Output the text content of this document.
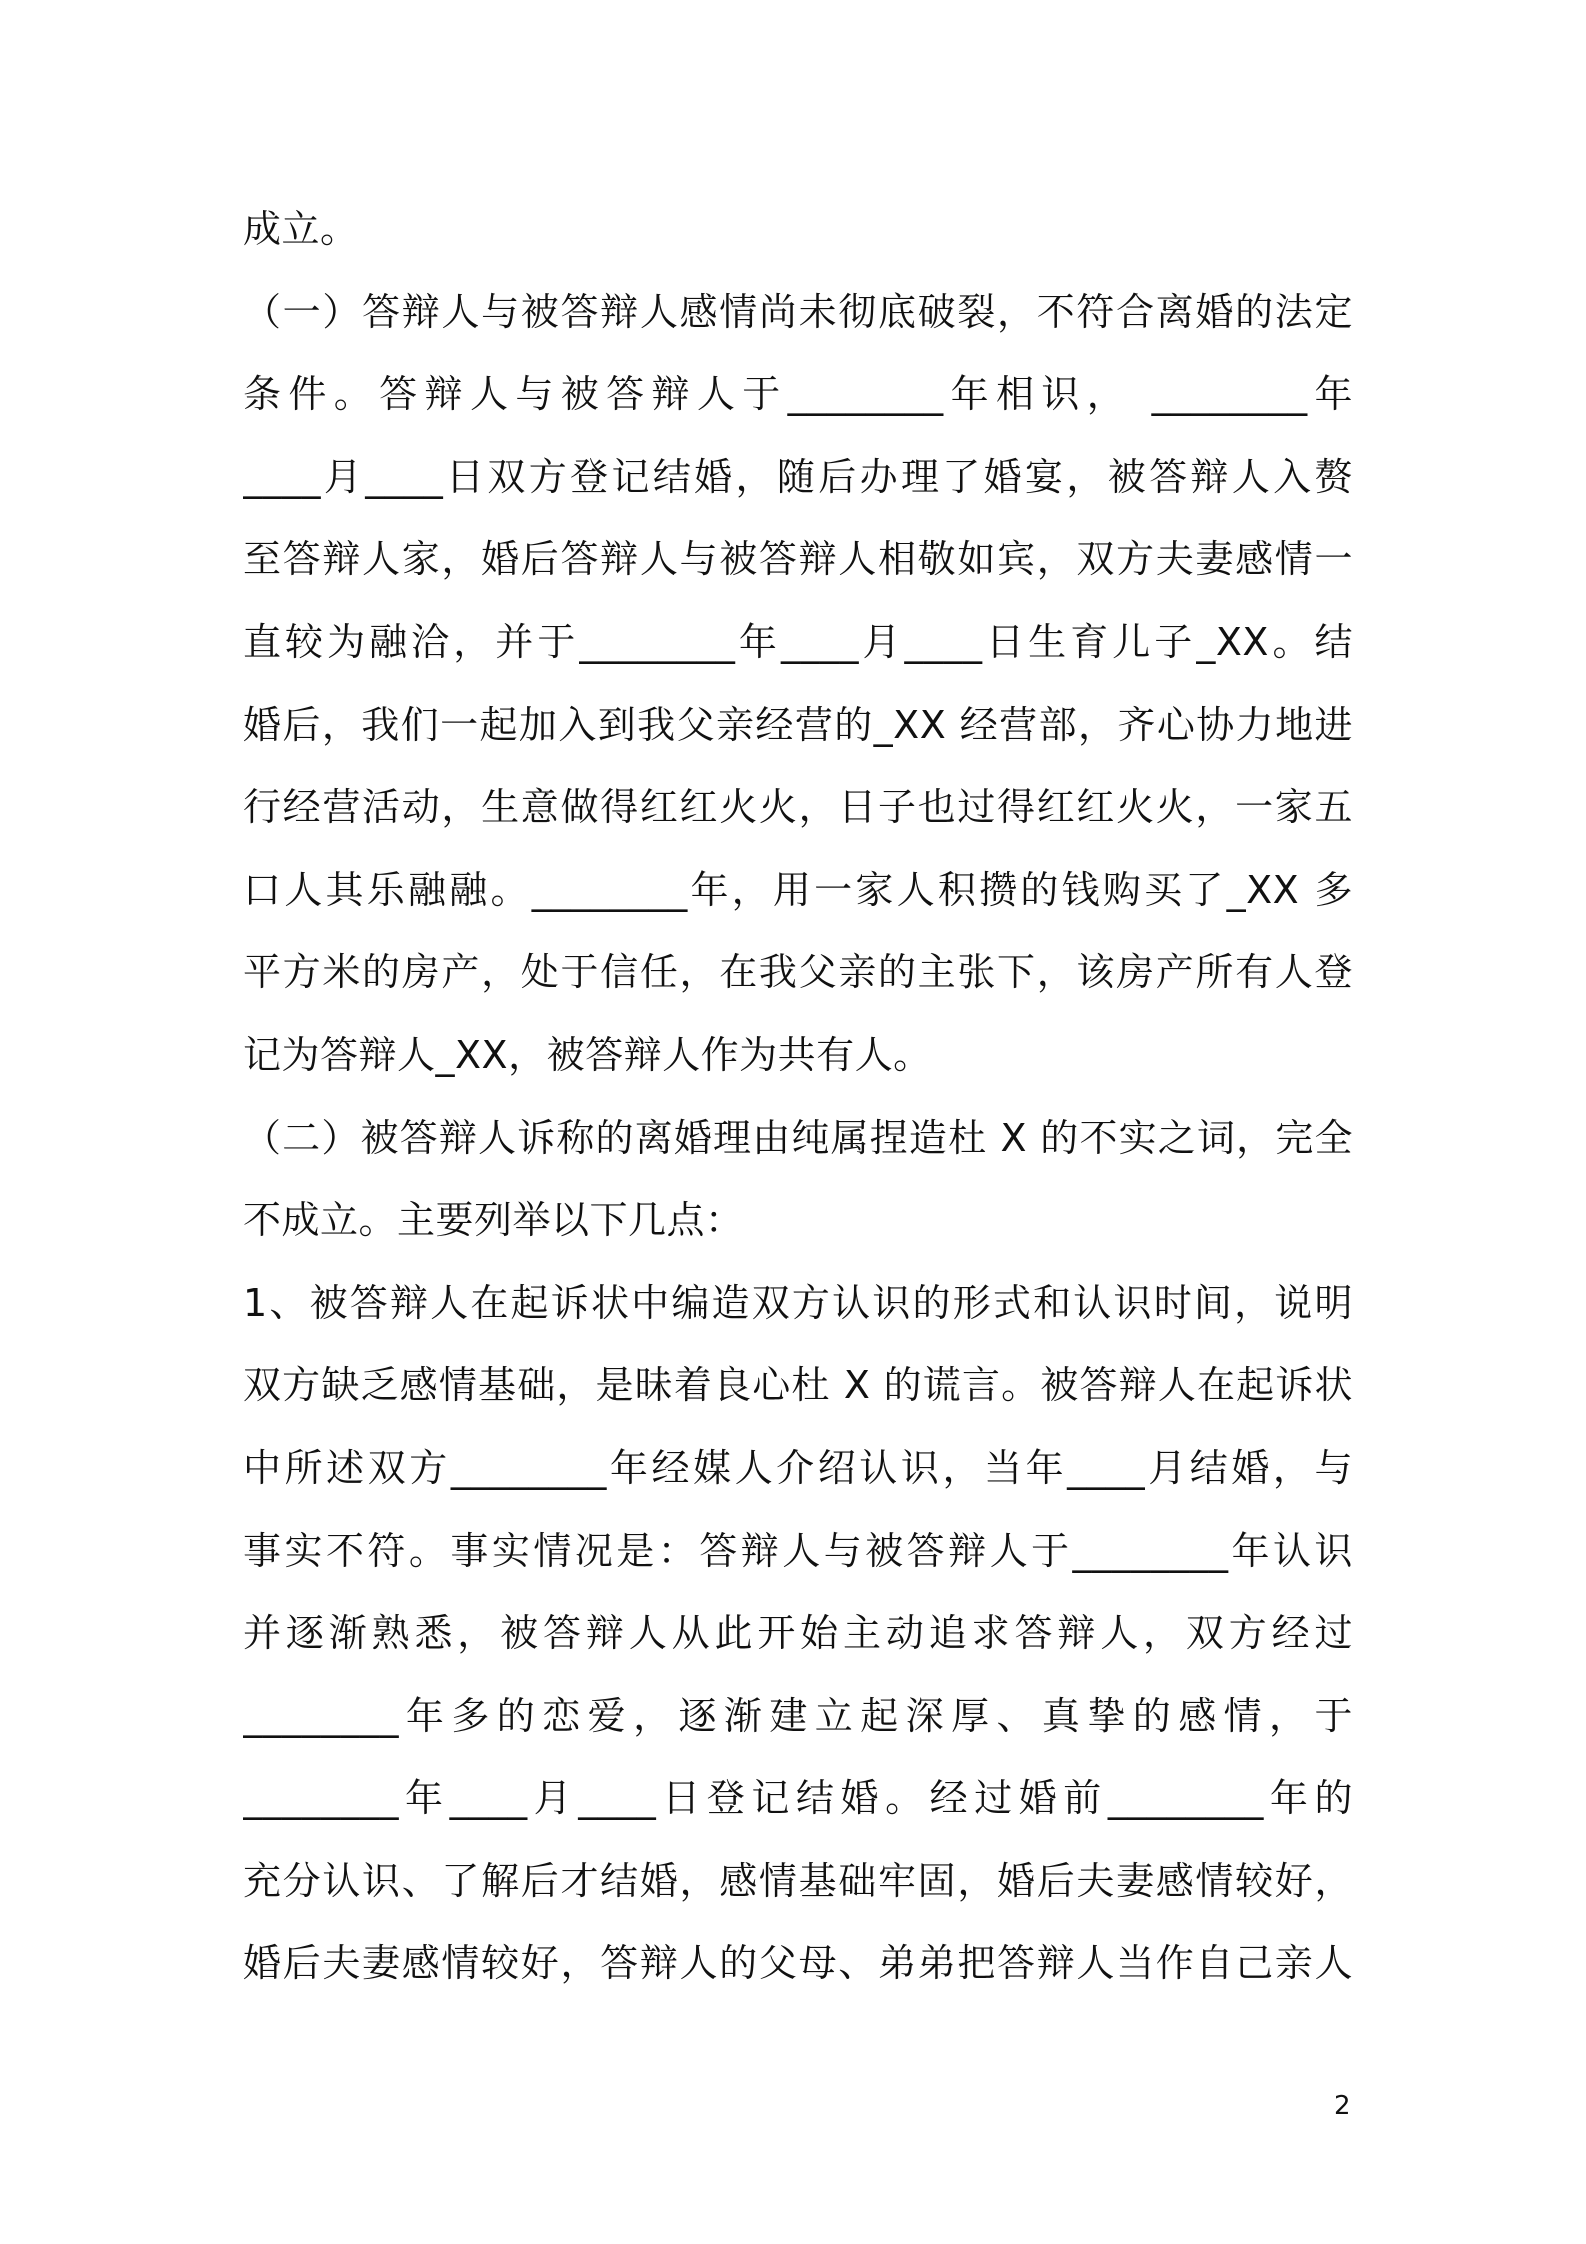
成立。
（一）答辩人与被答辩人感情尚未彻底破裂，不符合离婚的法定
条件。答辩人与被答辩人于________年相识， ________年
____月____日双方登记结婚，随后办理了婚宴，被答辩人入赘
至答辩人家，婚后答辩人与被答辩人相敬如宾，双方夫妻感情一
直较为融洽，并于________年____月____日生育儿子_XX。结
婚后，我们一起加入到我父亲经营的_XX 经营部，齐心协力地进
行经营活动，生意做得红红火火，日子也过得红红火火，一家五
口人其乐融融。________年，用一家人积攒的钱购买了_XX 多
平方米的房产，处于信任，在我父亲的主张下，该房产所有人登
记为答辩人_XX，被答辩人作为共有人。
（二）被答辩人诉称的离婚理由纯属捏造杜 X 的不实之词，完全
不成立。主要列举以下几点：
1、被答辩人在起诉状中编造双方认识的形式和认识时间，说明
双方缺乏感情基础，是昧着良心杜 X 的谎言。被答辩人在起诉状
中所述双方________年经媒人介绍认识，当年____月结婚，与
事实不符。事实情况是：答辩人与被答辩人于________年认识
并逐渐熟悉，被答辩人从此开始主动追求答辩人，双方经过
________年多的恋爱，逐渐建立起深厚、真挚的感情，于
________年____月____日登记结婚。经过婚前________年的
充分认识、了解后才结婚，感情基础牢固，婚后夫妻感情较好，
婚后夫妻感情较好，答辩人的父母、弟弟把答辩人当作自己亲人
2
